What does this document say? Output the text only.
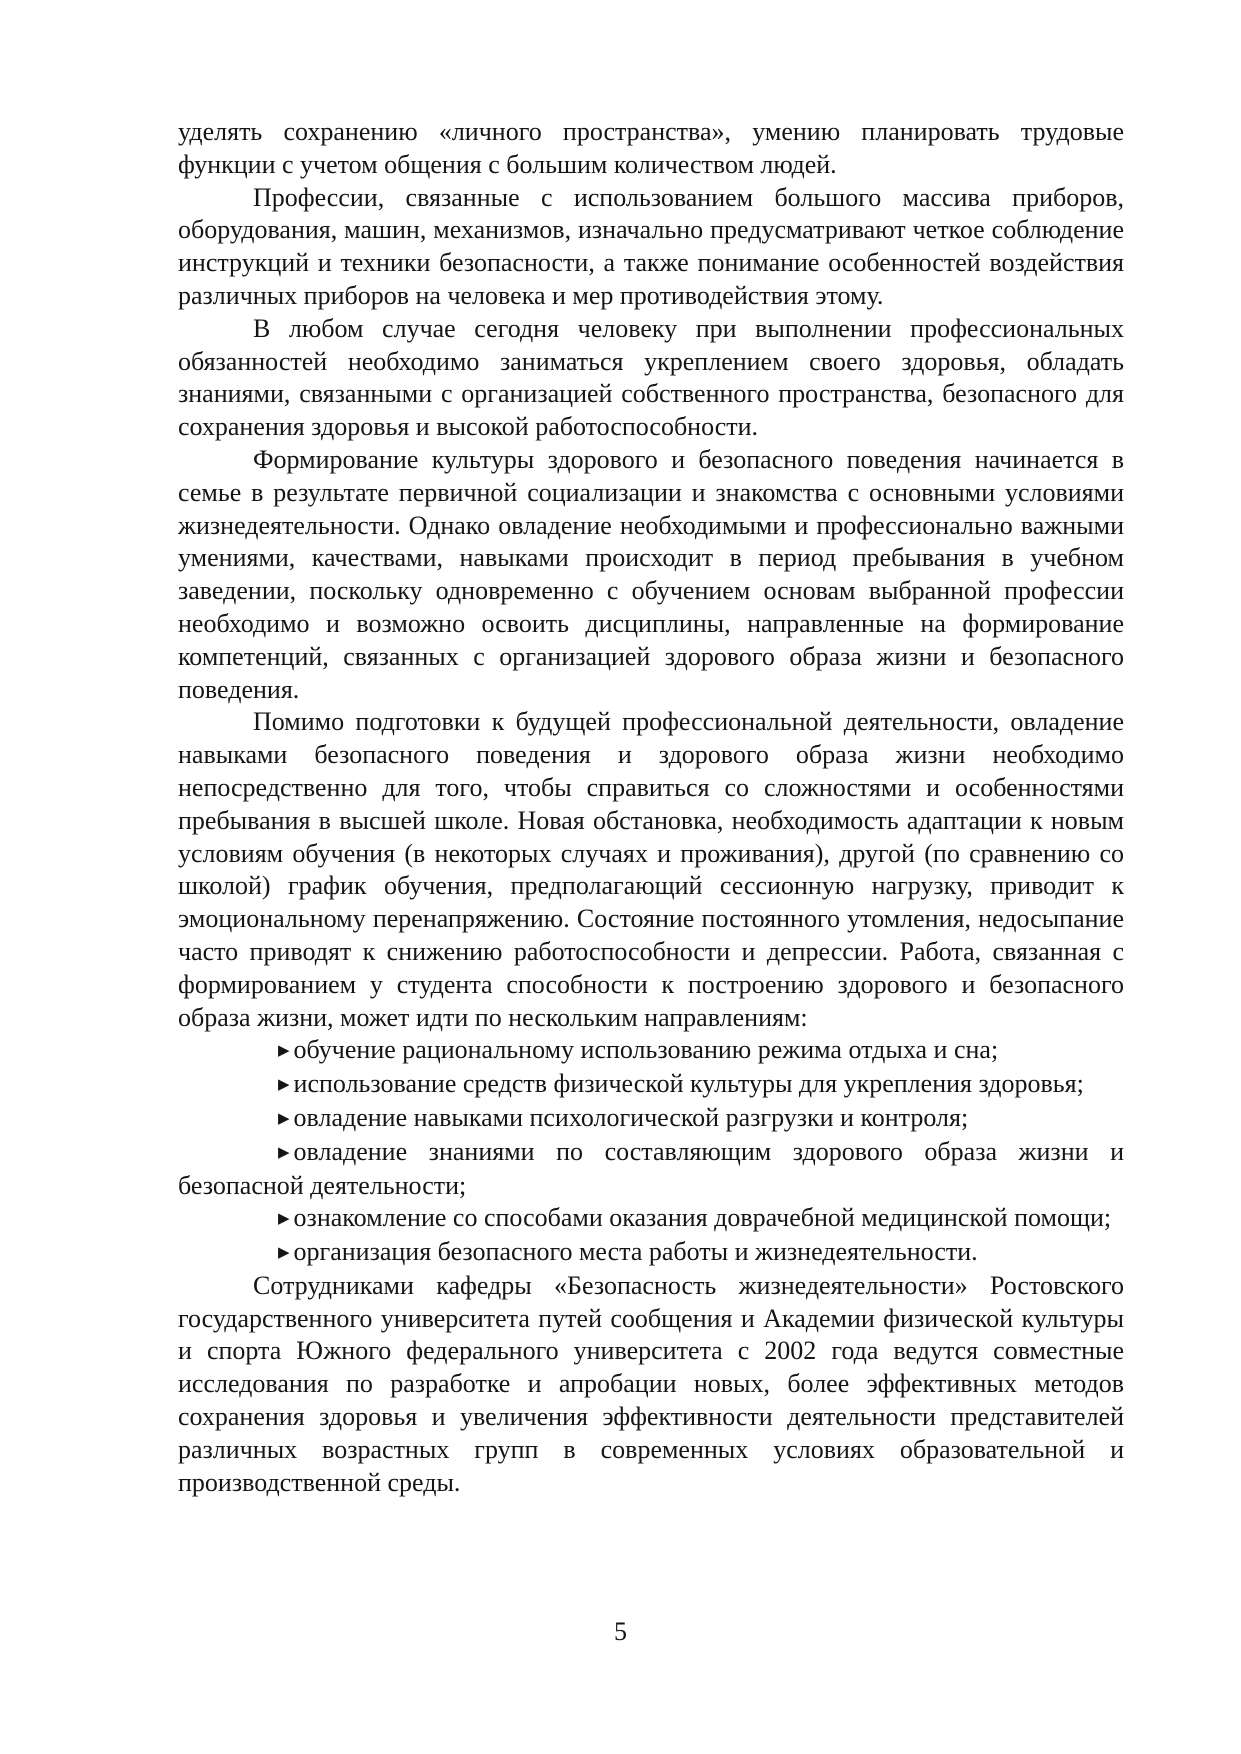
уделять сохранению «личного пространства», умению планировать трудовые функции с учетом общения с большим количеством людей.

Профессии, связанные с использованием большого массива приборов, оборудования, машин, механизмов, изначально предусматривают четкое соблюдение инструкций и техники безопасности, а также понимание особенностей воздействия различных приборов на человека и мер противодействия этому.

В любом случае сегодня человеку при выполнении профессиональных обязанностей необходимо заниматься укреплением своего здоровья, обладать знаниями, связанными с организацией собственного пространства, безопасного для сохранения здоровья и высокой работоспособности.

Формирование культуры здорового и безопасного поведения начинается в семье в результате первичной социализации и знакомства с основными условиями жизнедеятельности. Однако овладение необходимыми и профессионально важными умениями, качествами, навыками происходит в период пребывания в учебном заведении, поскольку одновременно с обучением основам выбранной профессии необходимо и возможно освоить дисциплины, направленные на формирование компетенций, связанных с организацией здорового образа жизни и безопасного поведения.

Помимо подготовки к будущей профессиональной деятельности, овладение навыками безопасного поведения и здорового образа жизни необходимо непосредственно для того, чтобы справиться со сложностями и особенностями пребывания в высшей школе. Новая обстановка, необходимость адаптации к новым условиям обучения (в некоторых случаях и проживания), другой (по сравнению со школой) график обучения, предполагающий сессионную нагрузку, приводит к эмоциональному перенапряжению. Состояние постоянного утомления, недосыпание часто приводят к снижению работоспособности и депрессии. Работа, связанная с формированием у студента способности к построению здорового и безопасного образа жизни, может идти по нескольким направлениям:

▶ обучение рациональному использованию режима отдыха и сна;

▶ использование средств физической культуры для укрепления здоровья;

▶ овладение навыками психологической разгрузки и контроля;

▶ овладение знаниями по составляющим здорового образа жизни и безопасной деятельности;

▶ ознакомление со способами оказания доврачебной медицинской помощи;

▶ организация безопасного места работы и жизнедеятельности.

Сотрудниками кафедры «Безопасность жизнедеятельности» Ростовского государственного университета путей сообщения и Академии физической культуры и спорта Южного федерального университета с 2002 года ведутся совместные исследования по разработке и апробации новых, более эффективных методов сохранения здоровья и увеличения эффективности деятельности представителей различных возрастных групп в современных условиях образовательной и производственной среды.

5
